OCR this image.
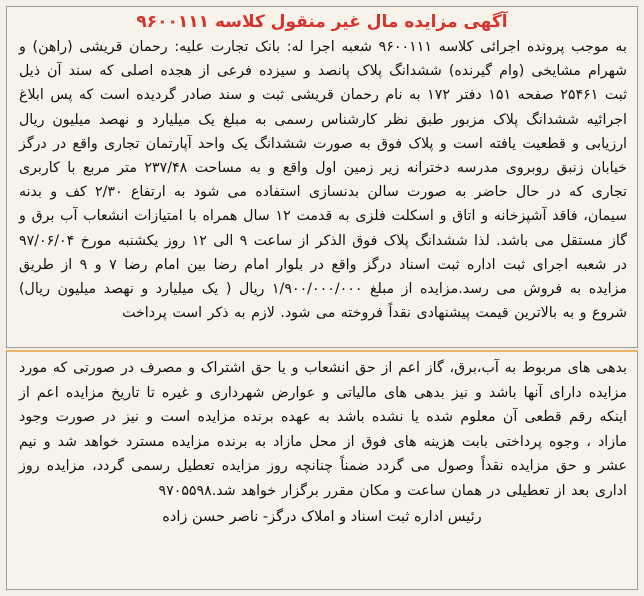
آگهی مزایده مال غیر منقول کلاسه ۹۶۰۰۱۱۱
به موجب پرونده اجرائی کلاسه ۹۶۰۰۱۱۱ شعبه اجرا له: بانک تجارت علیه: رحمان قریشی (راهن) و شهرام مشایخی (وام گیرنده) ششدانگ پلاک پانصد و سیزده فرعی از هجده اصلی که سند آن ذیل ثبت ۲۵۴۶۱ صفحه ۱۵۱ دفتر ۱۷۲ به نام رحمان قریشی ثبت و سند صادر گردیده است که پس ابلاغ اجرائیه ششدانگ پلاک مزبور طبق نظر کارشناس رسمی به مبلغ یک میلیارد و نهصد میلیون ریال ارزیابی و قطعیت یافته است و پلاک فوق به صورت ششدانگ یک واحد آپارتمان تجاری واقع در درگز خیابان زنبق روبروی مدرسه دخترانه زیر زمین اول واقع و به مساحت ۲۳۷/۴۸ متر مربع با کاربری تجاری که در حال حاضر به صورت سالن بدنسازی استفاده می شود به ارتفاع ۲/۳۰ کف و بدنه سیمان، فاقد آشپزخانه و اتاق و اسکلت فلزی به قدمت ۱۲ سال همراه با امتیازات انشعاب آب برق و گاز مستقل می باشد. لذا ششدانگ پلاک فوق الذکر از ساعت ۹ الی ۱۲ روز یکشنبه مورخ ۹۷/۰۶/۰۴ در شعبه اجرای ثبت اداره ثبت اسناد درگز واقع در بلوار امام رضا بین امام رضا ۷ و ۹ از طریق مزایده به فروش می رسد.مزایده از مبلغ ۱/۹۰۰/۰۰۰/۰۰۰ ریال ( یک میلیارد و نهصد میلیون ریال) شروع و به بالاترین قیمت پیشنهادی نقداً فروخته می شود. لازم به ذکر است پرداخت
بدهی های مربوط به آب،برق، گاز اعم از حق انشعاب و یا حق اشتراک و مصرف در صورتی که مورد مزایده دارای آنها باشد و نیز بدهی های مالیاتی و عوارض شهرداری و غیره تا تاریخ مزایده اعم از اینکه رقم قطعی آن معلوم شده یا نشده باشد به عهده برنده مزایده است و نیز در صورت وجود مازاد ، وجوه پرداختی بابت هزینه های فوق از محل مازاد به برنده مزایده مسترد خواهد شد و نیم عشر و حق مزایده نقداً وصول می گردد ضمناً چنانچه روز مزایده تعطیل رسمی گردد، مزایده روز اداری بعد از تعطیلی در همان ساعت و مکان مقرر برگزار خواهد شد.۹۷۰۵۵۹۸
رئیس اداره ثبت اسناد و املاک درگز- ناصر حسن زاده
